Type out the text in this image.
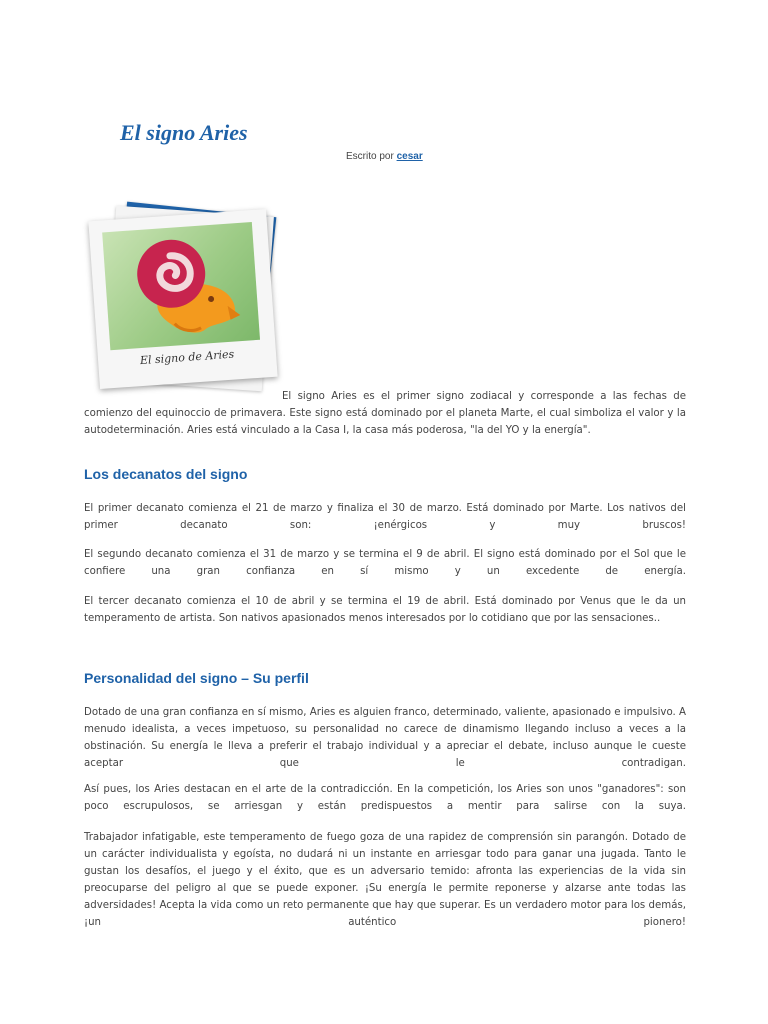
El signo Aries
Escrito por cesar
El signo de Aries

El signo Aries es el primer signo zodiacal y corresponde a las fechas de comienzo del equinoccio de primavera. Este signo está dominado por el planeta Marte, el cual simboliza el valor y la autodeterminación. Aries está vinculado a la Casa I, la casa más poderosa, "la del YO y la energía".

Los decanatos del signo

El primer decanato comienza el 21 de marzo y finaliza el 30 de marzo. Está dominado por Marte. Los nativos del primer decanato son: ¡enérgicos y muy bruscos!

El segundo decanato comienza el 31 de marzo y se termina el 9 de abril. El signo está dominado por el Sol que le confiere una gran confianza en sí mismo y un excedente de energía.

El tercer decanato comienza el 10 de abril y se termina el 19 de abril. Está dominado por Venus que le da un temperamento de artista. Son nativos apasionados menos interesados por lo cotidiano que por las sensaciones..

Personalidad del signo – Su perfil

Dotado de una gran confianza en sí mismo, Aries es alguien franco, determinado, valiente, apasionado e impulsivo. A menudo idealista, a veces impetuoso, su personalidad no carece de dinamismo llegando incluso a veces a la obstinación. Su energía le lleva a preferir el trabajo individual y a apreciar el debate, incluso aunque le cueste aceptar que le contradigan.

Así pues, los Aries destacan en el arte de la contradicción. En la competición, los Aries son unos "ganadores": son poco escrupulosos, se arriesgan y están predispuestos a mentir para salirse con la suya.

Trabajador infatigable, este temperamento de fuego goza de una rapidez de comprensión sin parangón. Dotado de un carácter individualista y egoísta, no dudará ni un instante en arriesgar todo para ganar una jugada. Tanto le gustan los desafíos, el juego y el éxito, que es un adversario temido: afronta las experiencias de la vida sin preocuparse del peligro al que se puede exponer. ¡Su energía le permite reponerse y alzarse ante todas las adversidades! Acepta la vida como un reto permanente que hay que superar. Es un verdadero motor para los demás, ¡un auténtico pionero!
